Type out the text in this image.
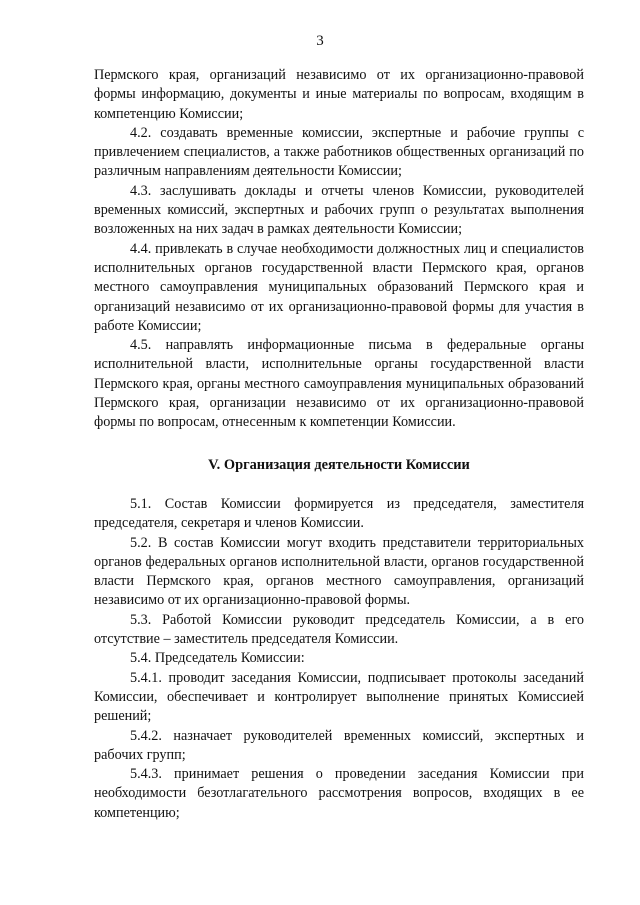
3

Пермского края, организаций независимо от их организационно-правовой формы информацию, документы и иные материалы по вопросам, входящим в компетенцию Комиссии;

4.2. создавать временные комиссии, экспертные и рабочие группы с привлечением специалистов, а также работников общественных организаций по различным направлениям деятельности Комиссии;

4.3. заслушивать доклады и отчеты членов Комиссии, руководителей временных комиссий, экспертных и рабочих групп о результатах выполнения возложенных на них задач в рамках деятельности Комиссии;

4.4. привлекать в случае необходимости должностных лиц и специалистов исполнительных органов государственной власти Пермского края, органов местного самоуправления муниципальных образований Пермского края и организаций независимо от их организационно-правовой формы для участия в работе Комиссии;

4.5. направлять информационные письма в федеральные органы исполнительной власти, исполнительные органы государственной власти Пермского края, органы местного самоуправления муниципальных образований Пермского края, организации независимо от их организационно-правовой формы по вопросам, отнесенным к компетенции Комиссии.

V. Организация деятельности Комиссии

5.1. Состав Комиссии формируется из председателя, заместителя председателя, секретаря и членов Комиссии.

5.2. В состав Комиссии могут входить представители территориальных органов федеральных органов исполнительной власти, органов государственной власти Пермского края, органов местного самоуправления, организаций независимо от их организационно-правовой формы.

5.3. Работой Комиссии руководит председатель Комиссии, а в его отсутствие – заместитель председателя Комиссии.

5.4. Председатель Комиссии:

5.4.1. проводит заседания Комиссии, подписывает протоколы заседаний Комиссии, обеспечивает и контролирует выполнение принятых Комиссией решений;

5.4.2. назначает руководителей временных комиссий, экспертных и рабочих групп;

5.4.3. принимает решения о проведении заседания Комиссии при необходимости безотлагательного рассмотрения вопросов, входящих в ее компетенцию;
